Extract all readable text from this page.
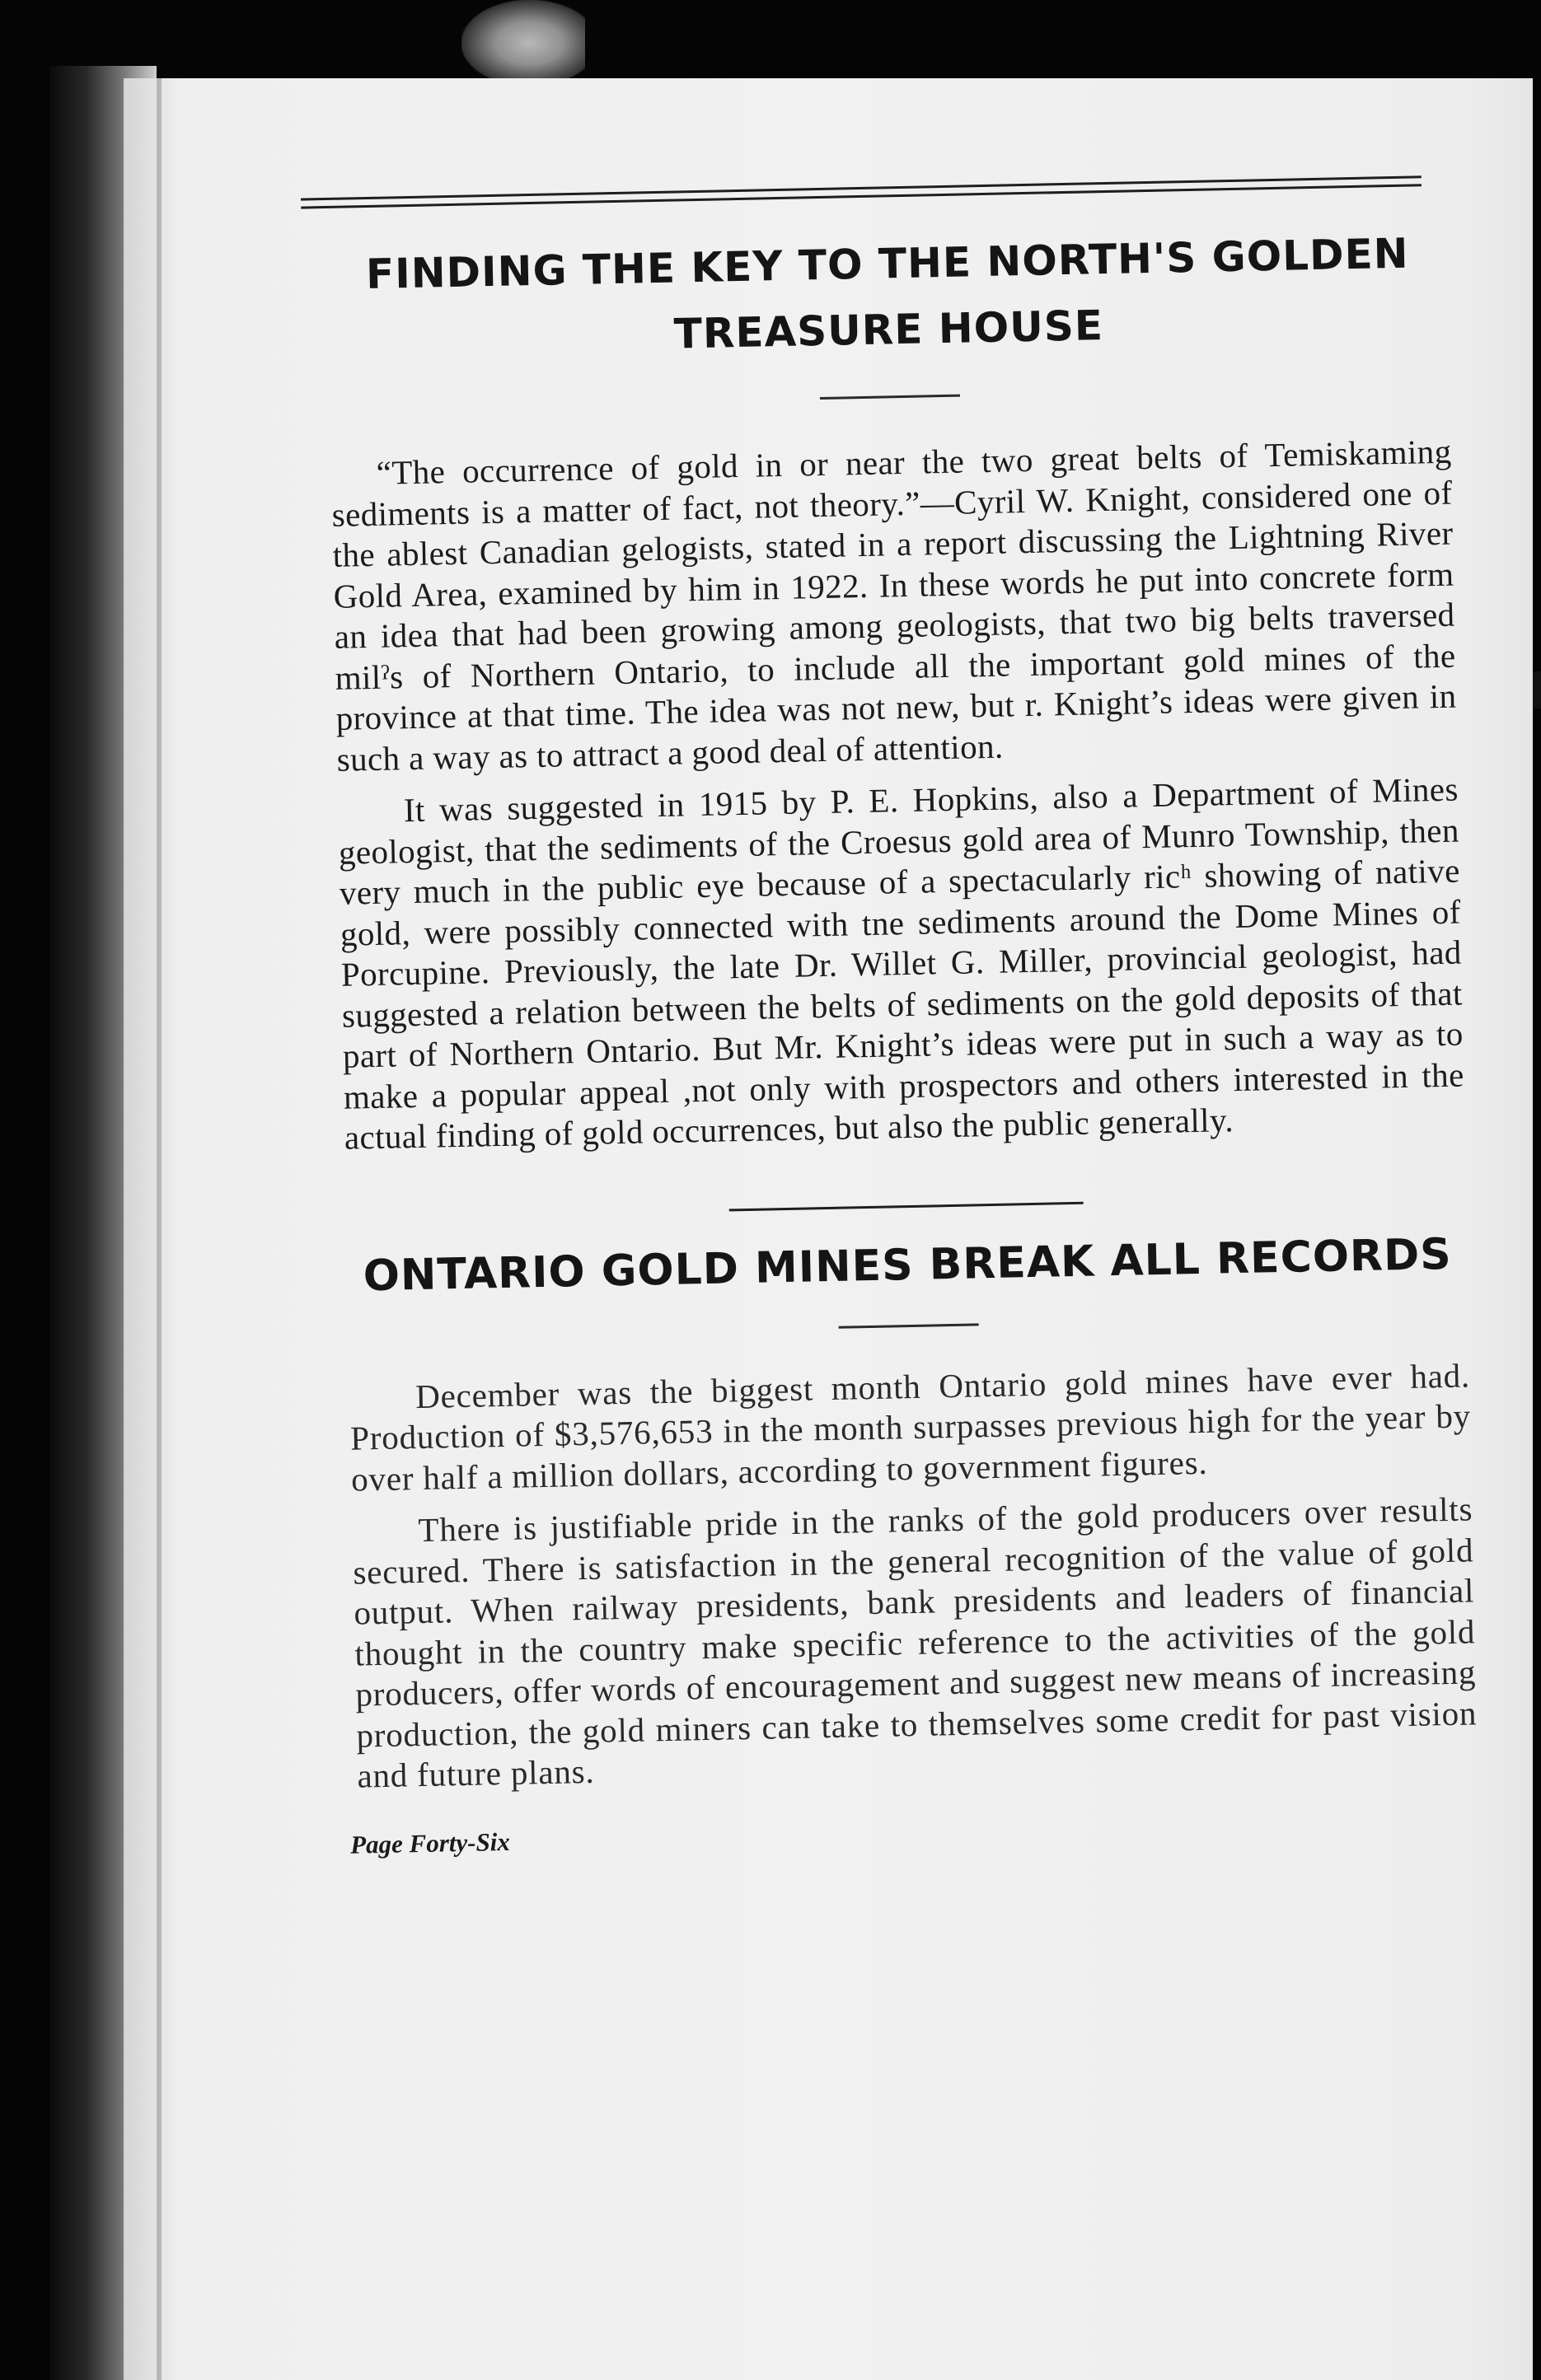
FINDING THE KEY TO THE NORTH'S GOLDEN
TREASURE HOUSE

“The occurrence of gold in or near the two great belts of Temiskaming sediments is a matter of fact, not theory.”—Cyril W. Knight, considered one of the ablest Canadian gelogists, stated in a report discussing the Lightning River Gold Area, examined by him in 1922. In these words he put into concrete form an idea that had been growing among geologists, that two big belts traversed milˀs of Northern Ontario, to include all the important gold mines of the province at that time. The idea was not new, but r. Knight’s ideas were given in such a way as to attract a good deal of attention.

It was suggested in 1915 by P. E. Hopkins, also a Department of Mines geologist, that the sediments of the Croesus gold area of Munro Township, then very much in the public eye because of a spectacularly ricʰ showing of native gold, were possibly connected with tne sediments around the Dome Mines of Porcupine. Previously, the late Dr. Willet G. Miller, provincial geologist, had suggested a relation between the belts of sediments on the gold deposits of that part of Northern Ontario. But Mr. Knight’s ideas were put in such a way as to make a popular appeal ,not only with prospectors and others interested in the actual finding of gold occurrences, but also the public generally.

ONTARIO GOLD MINES BREAK ALL RECORDS

December was the biggest month Ontario gold mines have ever had. Production of $3,576,653 in the month surpasses previous high for the year by over half a million dollars, according to government figures.

There is justifiable pride in the ranks of the gold producers over results secured. There is satisfaction in the general recognition of the value of gold output. When railway presidents, bank presidents and leaders of financial thought in the country make specific reference to the activities of the gold producers, offer words of encouragement and suggest new means of increasing production, the gold miners can take to themselves some credit for past vision and future plans.

Page Forty-Six
